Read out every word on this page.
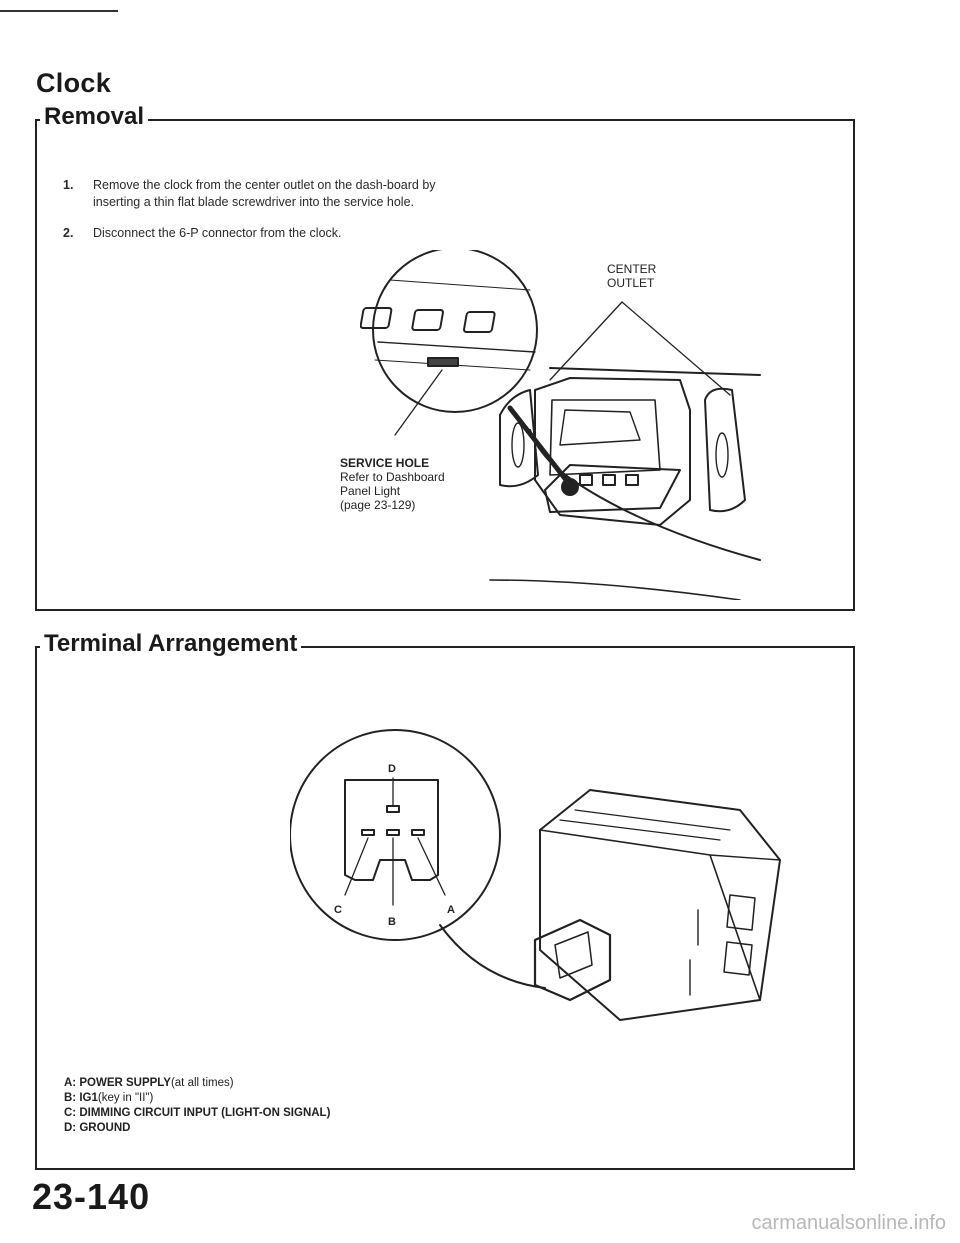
Clock
Removal
1. Remove the clock from the center outlet on the dash-board by inserting a thin flat blade screwdriver into the service hole.
2. Disconnect the 6-P connector from the clock.
CENTER
OUTLET
SERVICE HOLE
Refer to Dashboard
Panel Light
(page 23-129)
Terminal Arrangement
D
C
B
A
A: POWER SUPPLY(at all times)
B: IG1(key in "II")
C: DIMMING CIRCUIT INPUT (LIGHT-ON SIGNAL)
D: GROUND
23-140
carmanualsonline.info
